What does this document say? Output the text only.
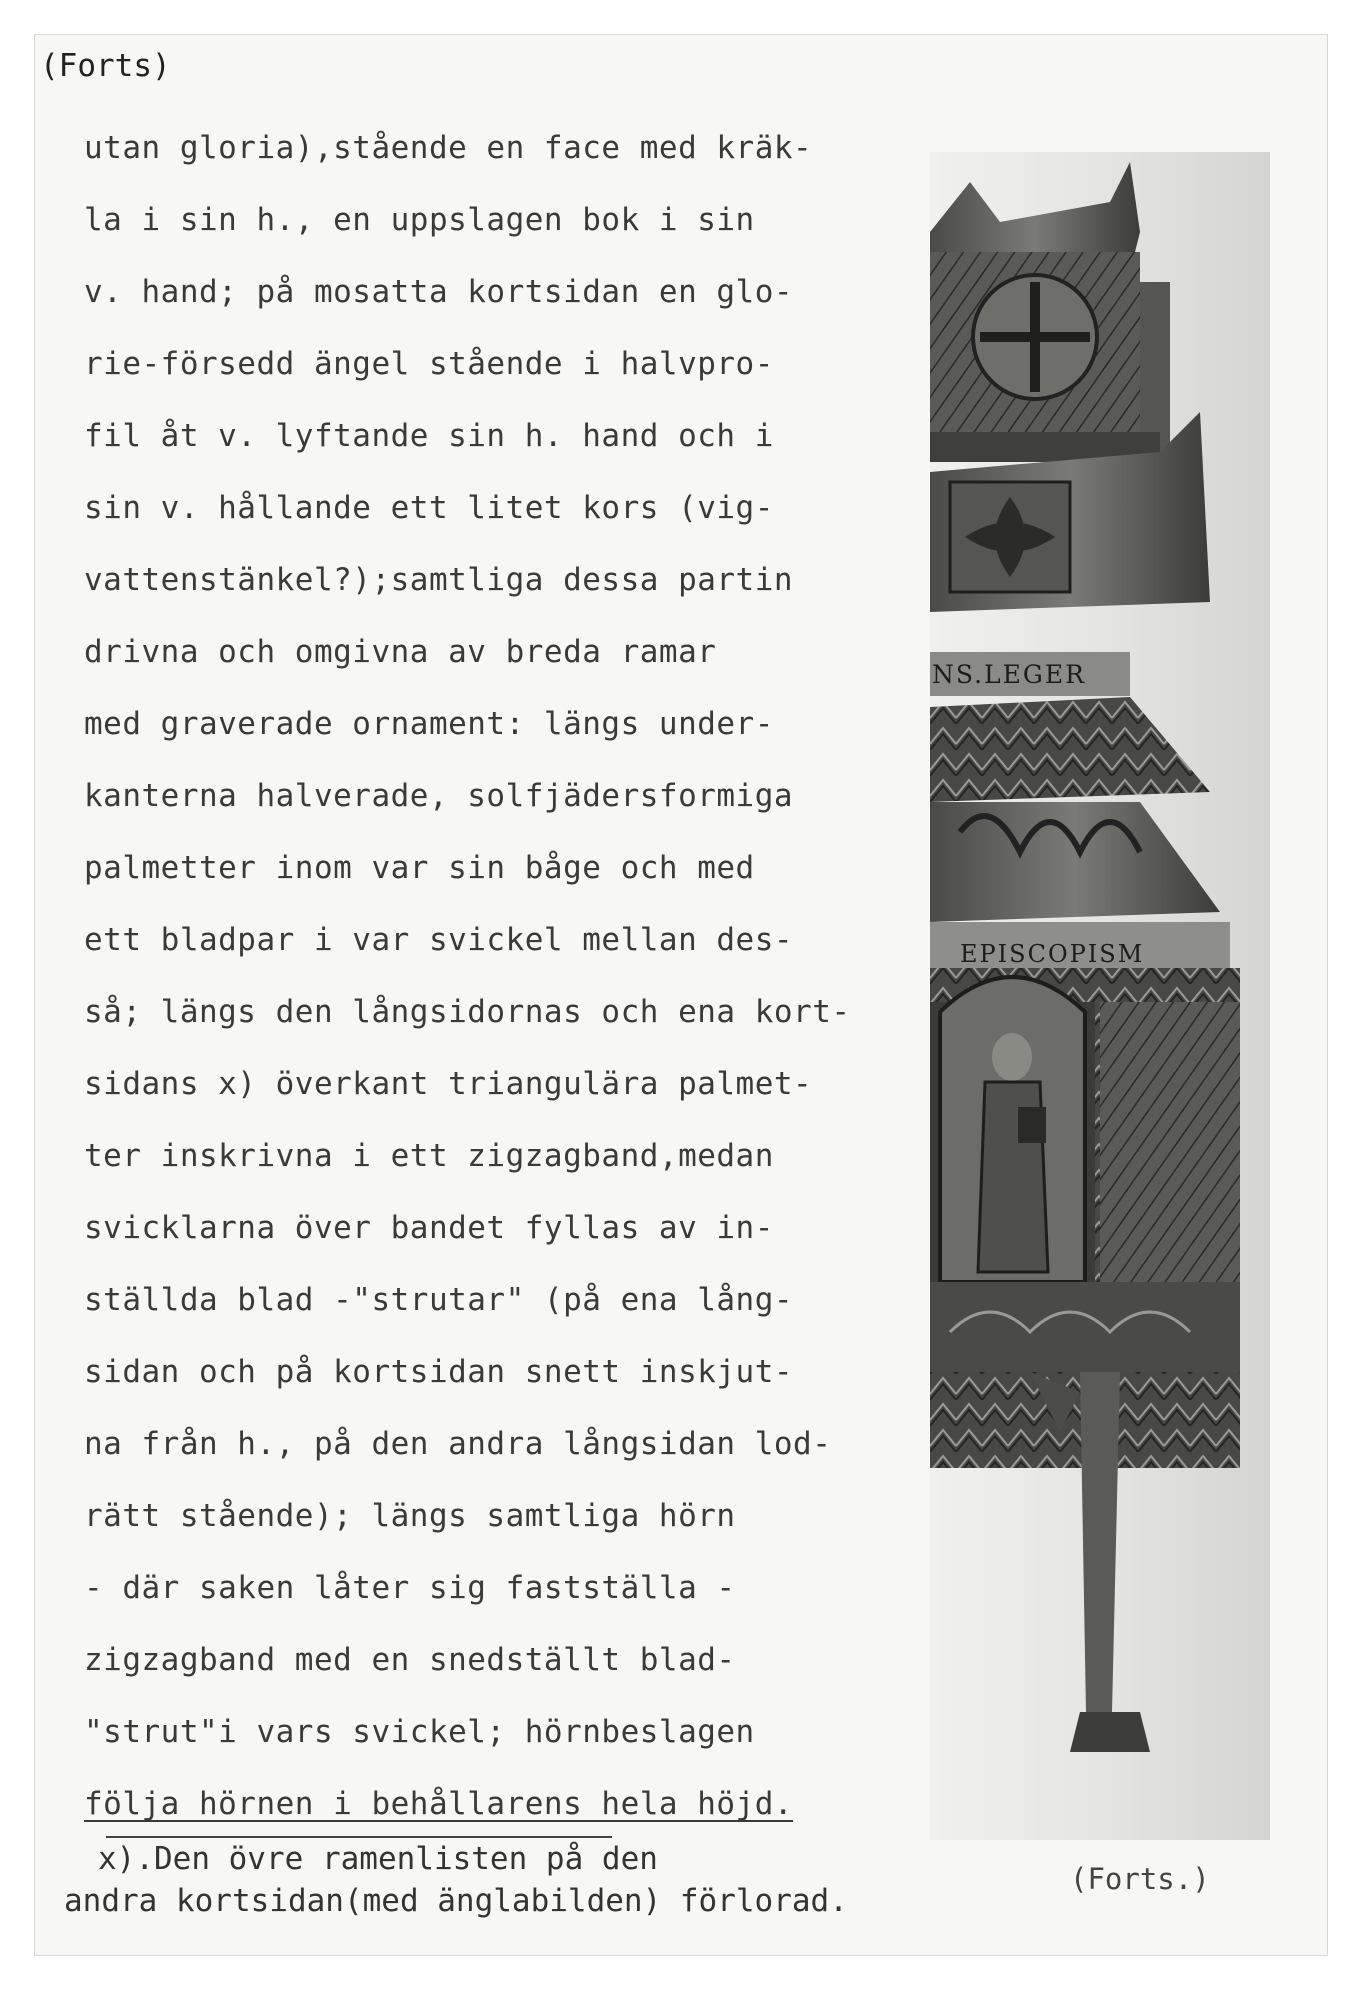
(Forts)
utan gloria),stående en face med kräk-
la i sin h., en uppslagen bok i sin
v. hand; på mosatta kortsidan en glo-
rie-försedd ängel stående i halvpro-
fil åt v. lyftande sin h. hand och i
sin v. hållande ett litet kors (vig-
vattenstänkel?);samtliga dessa partin
drivna och omgivna av breda ramar
med graverade ornament: längs under-
kanterna halverade, solfjädersformiga
palmetter inom var sin båge och med
ett bladpar i var svickel mellan des-
så; längs den långsidornas och ena kort-
sidans x) överkant triangulära palmet-
ter inskrivna i ett zigzagband,medan
svicklarna över bandet fyllas av in-
ställda blad -"strutar" (på ena lång-
sidan och på kortsidan snett inskjut-
na från h., på den andra långsidan lod-
rätt stående); längs samtliga hörn
- där saken låter sig fastställa -
zigzagband med en snedställt blad-
"strut"i vars svickel; hörnbeslagen
följa hörnen i behållarens hela höjd.
NS.LEGER
EPISCOPISM
x).Den övre ramenlisten på den
andra kortsidan(med änglabilden) förlorad.
(Forts.)
